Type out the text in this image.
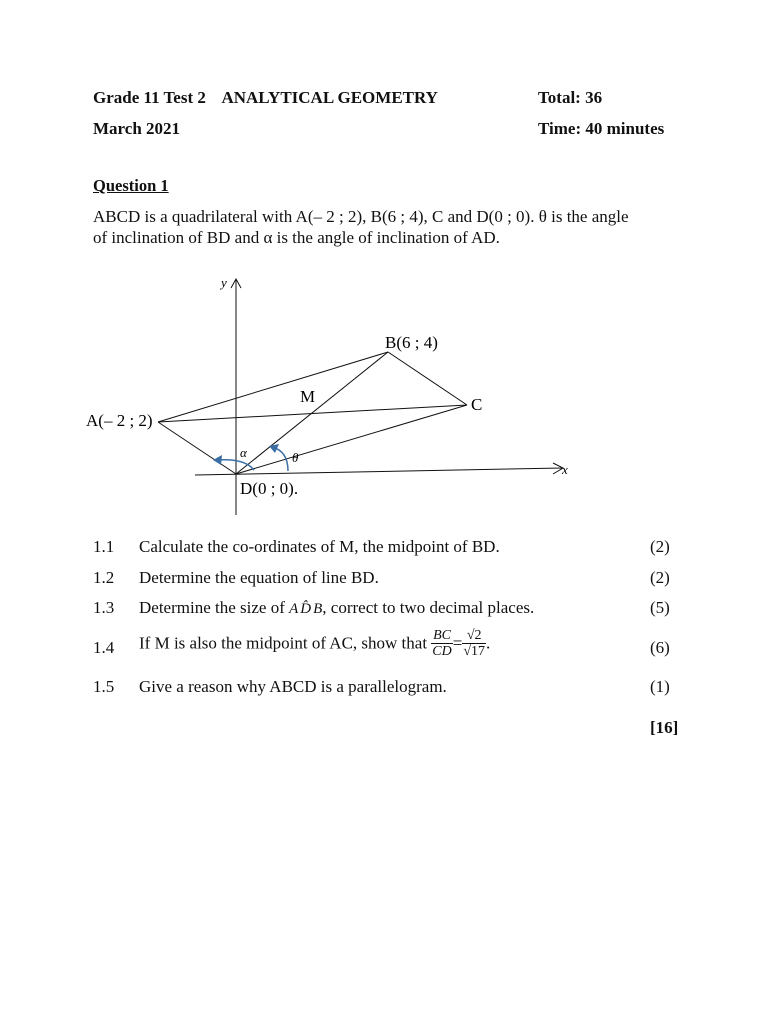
Grade 11 Test 2 ANALYTICAL GEOMETRY	Total: 36
March 2021	Time: 40 minutes
Question 1
ABCD is a quadrilateral with A(– 2 ; 2), B(6 ; 4), C and D(0 ; 0). θ is the angle
of inclination of BD and α is the angle of inclination of AD.
y
x
B(6 ; 4)
C
A(– 2 ; 2)
D(0 ; 0).
M
α	θ
1.1 Calculate the co-ordinates of M, the midpoint of BD.	(2)
1.2 Determine the equation of line BD.	(2)
1.3 Determine the size of A D̂ B, correct to two decimal places.	(5)
1.4 If M is also the midpoint of AC, show that $\frac{BC}{CD} = \frac{√2}{√17}$ .	(6)
1.5 Give a reason why ABCD is a parallelogram.	(1)
[16]
